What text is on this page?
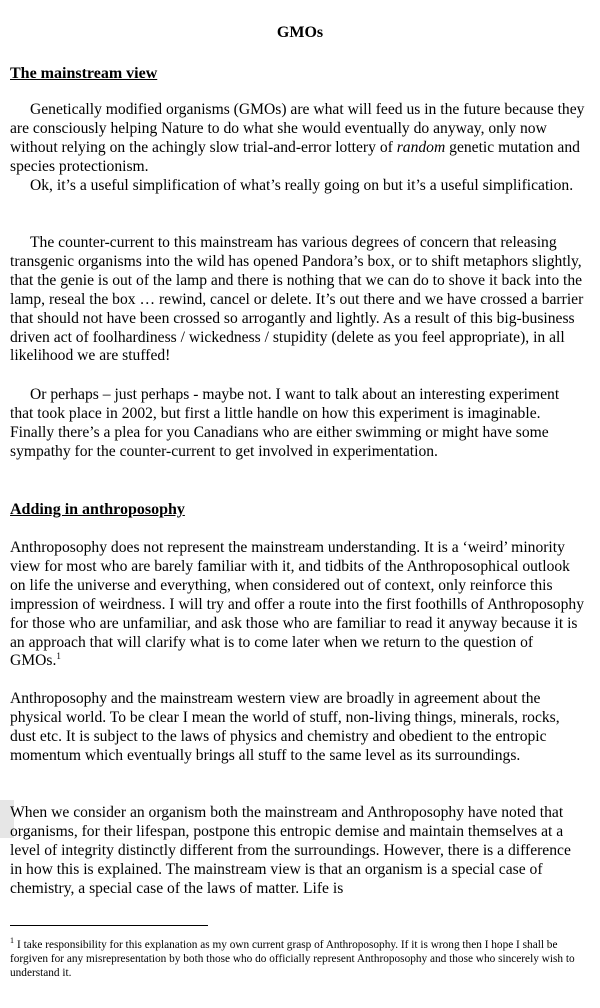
GMOs
The mainstream view

Genetically modified organisms (GMOs) are what will feed us in the future because they are consciously helping Nature to do what she would eventually do anyway, only now without relying on the achingly slow trial-and-error lottery of random genetic mutation and species protectionism.

Ok, it’s a useful simplification of what’s really going on but it’s a useful simplification.

The counter-current to this mainstream has various degrees of concern that releasing transgenic organisms into the wild has opened Pandora’s box, or to shift metaphors slightly, that the genie is out of the lamp and there is nothing that we can do to shove it back into the lamp, reseal the box … rewind, cancel or delete. It’s out there and we have crossed a barrier that should not have been crossed so arrogantly and lightly. As a result of this big-business driven act of foolhardiness / wickedness / stupidity (delete as you feel appropriate), in all likelihood we are stuffed!

Or perhaps – just perhaps - maybe not. I want to talk about an interesting experiment that took place in 2002, but first a little handle on how this experiment is imaginable. Finally there’s a plea for you Canadians who are either swimming or might have some sympathy for the counter-current to get involved in experimentation.

Adding in anthroposophy

Anthroposophy does not represent the mainstream understanding. It is a ‘weird’ minority view for most who are barely familiar with it, and tidbits of the Anthroposophical outlook on life the universe and everything, when considered out of context, only reinforce this impression of weirdness. I will try and offer a route into the first foothills of Anthroposophy for those who are unfamiliar, and ask those who are familiar to read it anyway because it is an approach that will clarify what is to come later when we return to the question of GMOs.$^1$

Anthroposophy and the mainstream western view are broadly in agreement about the physical world. To be clear I mean the world of stuff, non-living things, minerals, rocks, dust etc. It is subject to the laws of physics and chemistry and obedient to the entropic momentum which eventually brings all stuff to the same level as its surroundings.

When we consider an organism both the mainstream and Anthroposophy have noted that organisms, for their lifespan, postpone this entropic demise and maintain themselves at a level of integrity distinctly different from the surroundings. However, there is a difference in how this is explained. The mainstream view is that an organism is a special case of chemistry, a special case of the laws of matter. Life is

$^1$ I take responsibility for this explanation as my own current grasp of Anthroposophy. If it is wrong then I hope I shall be forgiven for any misrepresentation by both those who do officially represent Anthroposophy and those who sincerely wish to understand it.
